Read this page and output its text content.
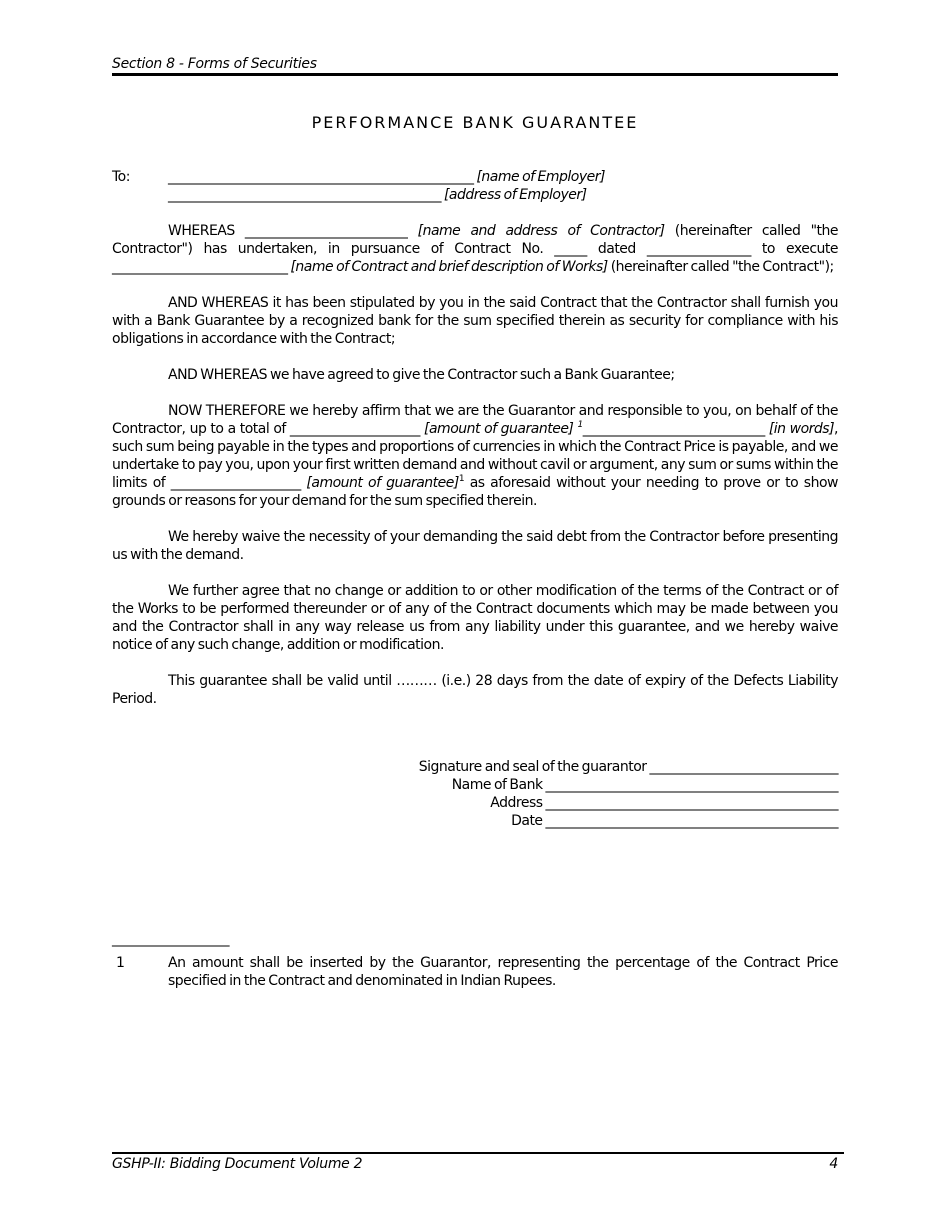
Section 8 - Forms of Securities
PERFORMANCE BANK GUARANTEE
To:	_______________________________________________ [name of Employer]
__________________________________________ [address of Employer]

WHEREAS _________________________ [name and address of Contractor] (hereinafter called "the Contractor") has undertaken, in pursuance of Contract No. _____ dated ________________ to execute ___________________________ [name of Contract and brief description of Works] (hereinafter called "the Contract");

AND WHEREAS it has been stipulated by you in the said Contract that the Contractor shall furnish you with a Bank Guarantee by a recognized bank for the sum specified therein as security for compliance with his obligations in accordance with the Contract;

AND WHEREAS we have agreed to give the Contractor such a Bank Guarantee;

NOW THEREFORE we hereby affirm that we are the Guarantor and responsible to you, on behalf of the Contractor, up to a total of ____________________ [amount of guarantee] $^1$____________________________ [in words], such sum being payable in the types and proportions of currencies in which the Contract Price is payable, and we undertake to pay you, upon your first written demand and without cavil or argument, any sum or sums within the limits of ____________________ [amount of guarantee]$^1$ as aforesaid without your needing to prove or to show grounds or reasons for your demand for the sum specified therein.

We hereby waive the necessity of your demanding the said debt from the Contractor before presenting us with the demand.

We further agree that no change or addition to or other modification of the terms of the Contract or of the Works to be performed thereunder or of any of the Contract documents which may be made between you and the Contractor shall in any way release us from any liability under this guarantee, and we hereby waive notice of any such change, addition or modification.

This guarantee shall be valid until ……… (i.e.) 28 days from the date of expiry of the Defects Liability Period.

Signature and seal of the guarantor _____________________________
Name of Bank _____________________________________________
Address _____________________________________________
Date _____________________________________________
__________________
1	An amount shall be inserted by the Guarantor, representing the percentage of the Contract Price specified in the Contract and denominated in Indian Rupees.
GSHP-II: Bidding Document Volume 2	4
